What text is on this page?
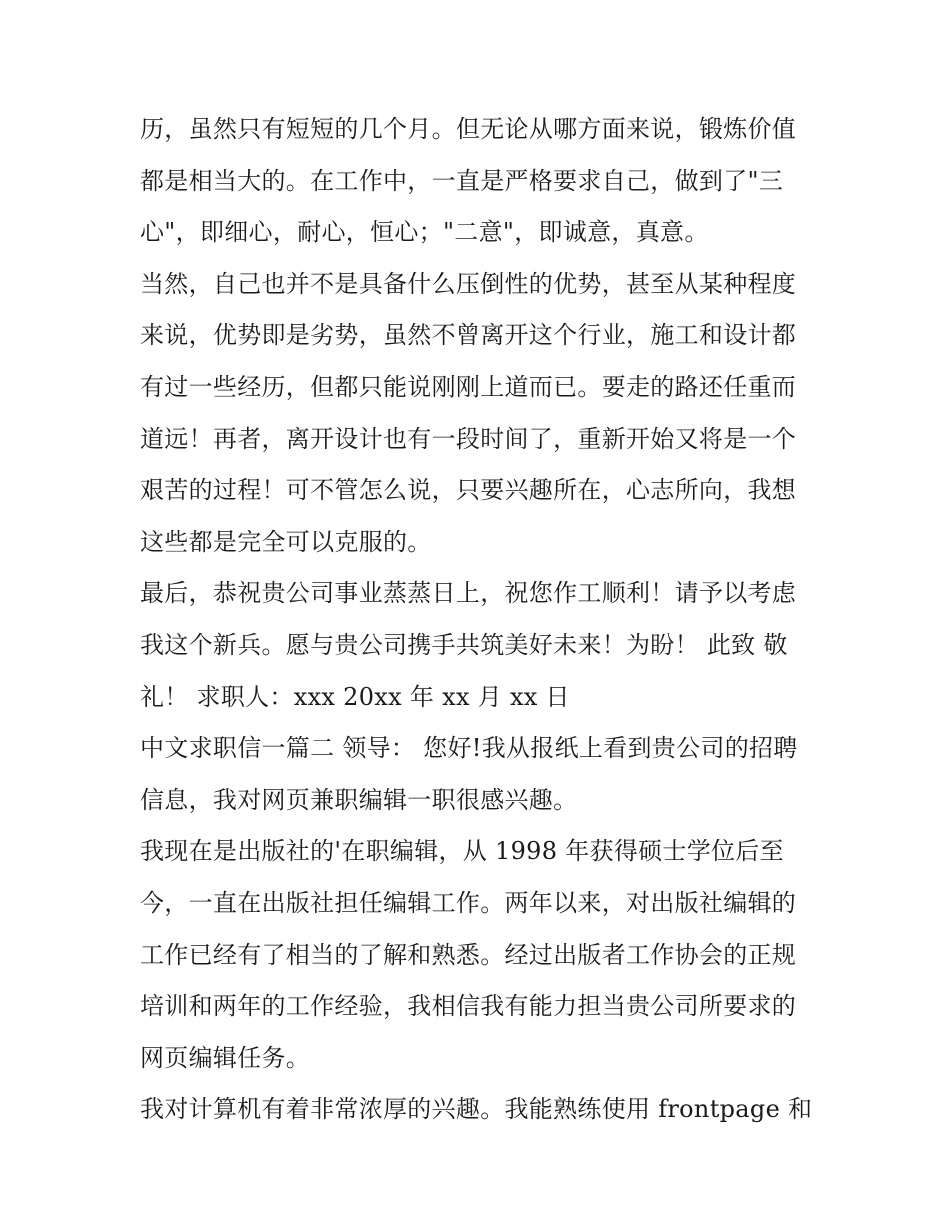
历，虽然只有短短的几个月。但无论从哪方面来说，锻炼价值
都是相当大的。在工作中，一直是严格要求自己，做到了"三
心"，即细心，耐心，恒心；"二意"，即诚意，真意。
当然，自己也并不是具备什么压倒性的优势，甚至从某种程度
来说，优势即是劣势，虽然不曾离开这个行业，施工和设计都
有过一些经历，但都只能说刚刚上道而已。要走的路还任重而
道远！再者，离开设计也有一段时间了，重新开始又将是一个
艰苦的过程！可不管怎么说，只要兴趣所在，心志所向，我想
这些都是完全可以克服的。
最后，恭祝贵公司事业蒸蒸日上，祝您作工顺利！请予以考虑
我这个新兵。愿与贵公司携手共筑美好未来！为盼！ 此致 敬
礼！ 求职人：xxx 20xx 年 xx 月 xx 日
中文求职信一篇二 领导： 您好!我从报纸上看到贵公司的招聘
信息，我对网页兼职编辑一职很感兴趣。
我现在是出版社的'在职编辑，从 1998 年获得硕士学位后至
今，一直在出版社担任编辑工作。两年以来，对出版社编辑的
工作已经有了相当的了解和熟悉。经过出版者工作协会的正规
培训和两年的工作经验，我相信我有能力担当贵公司所要求的
网页编辑任务。
我对计算机有着非常浓厚的兴趣。我能熟练使用 frontpage 和
